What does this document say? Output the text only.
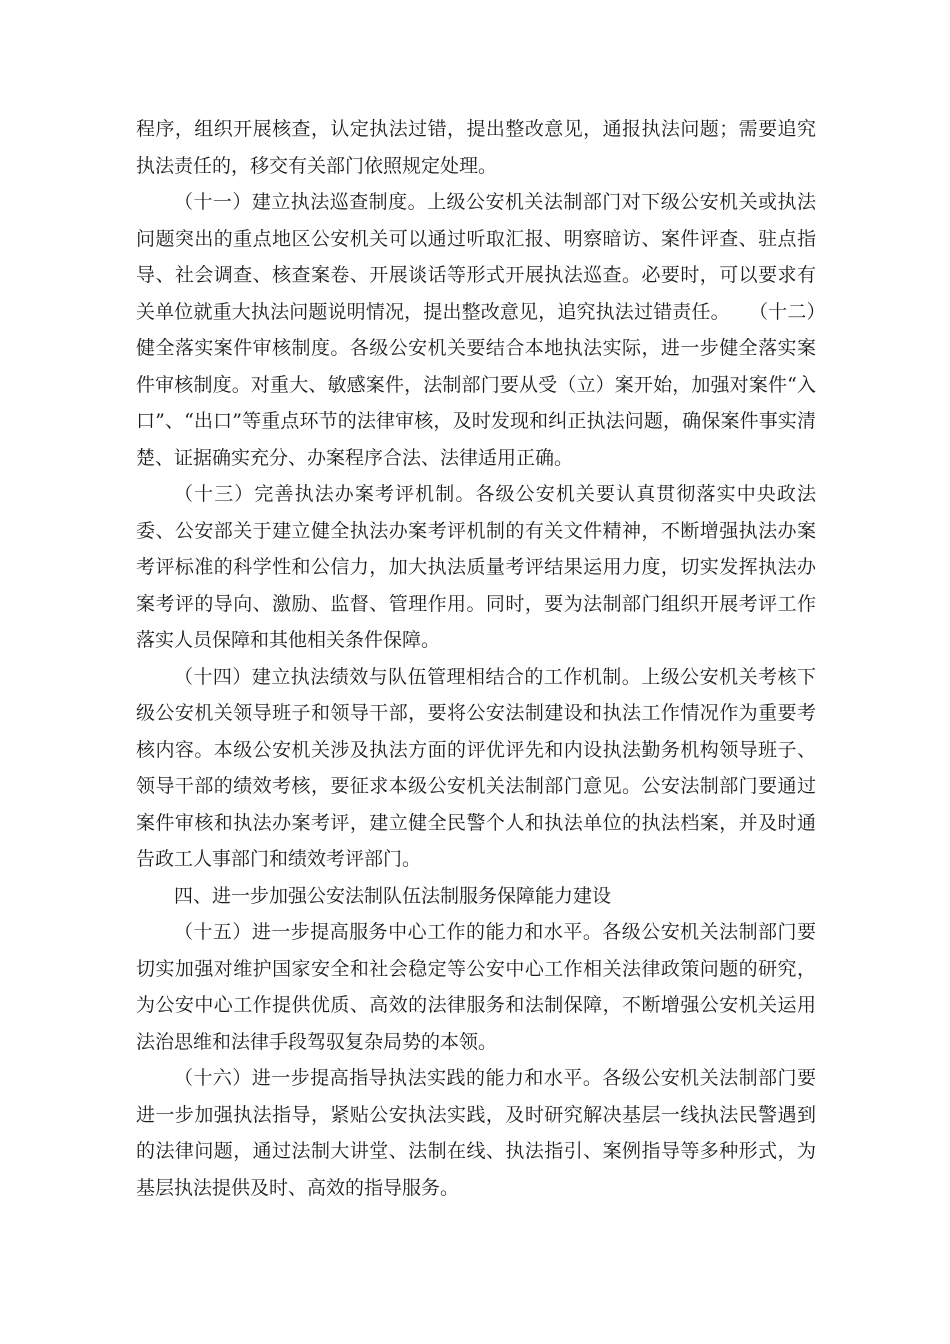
程序，组织开展核查，认定执法过错，提出整改意见，通报执法问题；需要追究执法责任的，移交有关部门依照规定处理。

（十一）建立执法巡查制度。上级公安机关法制部门对下级公安机关或执法问题突出的重点地区公安机关可以通过听取汇报、明察暗访、案件评查、驻点指导、社会调查、核查案卷、开展谈话等形式开展执法巡查。必要时，可以要求有关单位就重大执法问题说明情况，提出整改意见，追究执法过错责任。　　（十二）健全落实案件审核制度。各级公安机关要结合本地执法实际，进一步健全落实案件审核制度。对重大、敏感案件，法制部门要从受（立）案开始，加强对案件“入口”、“出口”等重点环节的法律审核，及时发现和纠正执法问题，确保案件事实清楚、证据确实充分、办案程序合法、法律适用正确。

（十三）完善执法办案考评机制。各级公安机关要认真贯彻落实中央政法委、公安部关于建立健全执法办案考评机制的有关文件精神，不断增强执法办案考评标准的科学性和公信力，加大执法质量考评结果运用力度，切实发挥执法办案考评的导向、激励、监督、管理作用。同时，要为法制部门组织开展考评工作落实人员保障和其他相关条件保障。

（十四）建立执法绩效与队伍管理相结合的工作机制。上级公安机关考核下级公安机关领导班子和领导干部，要将公安法制建设和执法工作情况作为重要考核内容。本级公安机关涉及执法方面的评优评先和内设执法勤务机构领导班子、领导干部的绩效考核，要征求本级公安机关法制部门意见。公安法制部门要通过案件审核和执法办案考评，建立健全民警个人和执法单位的执法档案，并及时通告政工人事部门和绩效考评部门。

四、进一步加强公安法制队伍法制服务保障能力建设

（十五）进一步提高服务中心工作的能力和水平。各级公安机关法制部门要切实加强对维护国家安全和社会稳定等公安中心工作相关法律政策问题的研究，为公安中心工作提供优质、高效的法律服务和法制保障，不断增强公安机关运用法治思维和法律手段驾驭复杂局势的本领。

（十六）进一步提高指导执法实践的能力和水平。各级公安机关法制部门要进一步加强执法指导，紧贴公安执法实践，及时研究解决基层一线执法民警遇到的法律问题，通过法制大讲堂、法制在线、执法指引、案例指导等多种形式，为基层执法提供及时、高效的指导服务。
